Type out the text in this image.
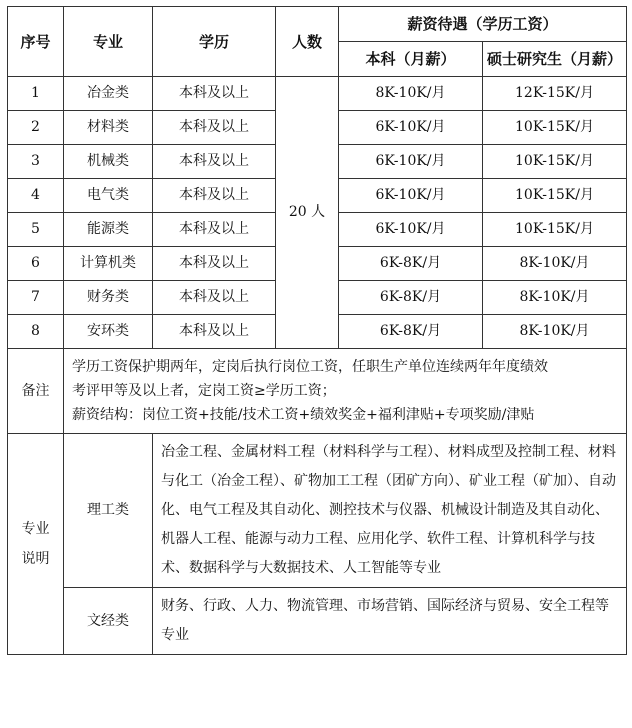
序号	专业	学历	人数	薪资待遇（学历工资）	
				本科（月薪）	硕士研究生（月薪）
1	冶金类	本科及以上	20 人	8K-10K/月	12K-15K/月
2	材料类	本科及以上		6K-10K/月	10K-15K/月
3	机械类	本科及以上		6K-10K/月	10K-15K/月
4	电气类	本科及以上		6K-10K/月	10K-15K/月
5	能源类	本科及以上		6K-10K/月	10K-15K/月
6	计算机类	本科及以上		6K-8K/月	8K-10K/月
7	财务类	本科及以上		6K-8K/月	8K-10K/月
8	安环类	本科及以上		6K-8K/月	8K-10K/月
备注	学历工资保护期两年，定岗后执行岗位工资，任职生产单位连续两年年度绩效
考评甲等及以上者，定岗工资≥学历工资；
薪资结构：岗位工资+技能/技术工资+绩效奖金+福利津贴+专项奖励/津贴				

专业
说明	理工类	冶金工程、金属材料工程（材料科学与工程）、材料成型及控制工程、材料与化工（冶金工程）、矿物加工工程（团矿方向）、矿业工程（矿加）、自动化、电气工程及其自动化、测控技术与仪器、机械设计制造及其自动化、机器人工程、能源与动力工程、应用化学、软件工程、计算机科学与技术、数据科学与大数据技术、人工智能等专业			
	文经类	财务、行政、人力、物流管理、市场营销、国际经济与贸易、安全工程等专业			
